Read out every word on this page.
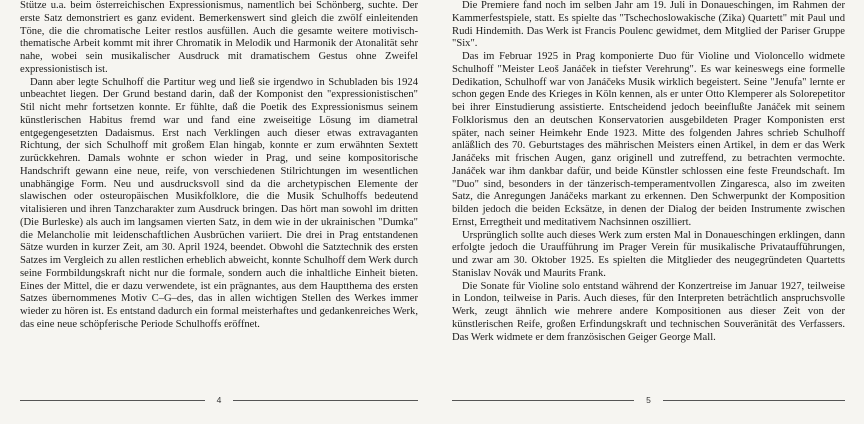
Stütze u.a. beim österreichischen Expressionismus, namentlich bei Schönberg, suchte. Der erste Satz demonstriert es ganz evident. Bemerkenswert sind gleich die zwölf einleitenden Töne, die die chromatische Leiter restlos ausfüllen. Auch die gesamte weitere motivisch-thematische Arbeit kommt mit ihrer Chromatik in Melodik und Harmonik der Atonalität sehr nahe, wobei sein musikalischer Ausdruck mit dramatischem Gestus ohne Zweifel expressionistisch ist.

Dann aber legte Schulhoff die Partitur weg und ließ sie irgendwo in Schubladen bis 1924 unbeachtet liegen. Der Grund bestand darin, daß der Komponist den "expressionistischen" Stil nicht mehr fortsetzen konnte. Er fühlte, daß die Poetik des Expressionismus seinem künstlerischen Habitus fremd war und fand eine zweiseitige Lösung im diametral entgegengesetzten Dadaismus. Erst nach Verklingen auch dieser etwas extravaganten Richtung, der sich Schulhoff mit großem Elan hingab, konnte er zum erwähnten Sextett zurückkehren. Damals wohnte er schon wieder in Prag, und seine kompositorische Handschrift gewann eine neue, reife, von verschiedenen Stilrichtungen im wesentlichen unabhängige Form. Neu und ausdrucksvoll sind da die archetypischen Elemente der slawischen oder osteuropäischen Musikfolklore, die die Musik Schulhoffs bedeutend vitalisieren und ihren Tanzcharakter zum Ausdruck bringen. Das hört man sowohl im dritten (Die Burleske) als auch im langsamen vierten Satz, in dem wie in der ukrainischen "Dumka" die Melancholie mit leidenschaftlichen Ausbrüchen variiert. Die drei in Prag entstandenen Sätze wurden in kurzer Zeit, am 30. April 1924, beendet. Obwohl die Satztechnik des ersten Satzes im Vergleich zu allen restlichen erheblich abweicht, konnte Schulhoff dem Werk durch seine Formbildungskraft nicht nur die formale, sondern auch die inhaltliche Einheit bieten. Eines der Mittel, die er dazu verwendete, ist ein prägnantes, aus dem Hauptthema des ersten Satzes übernommenes Motiv C–G–des, das in allen wichtigen Stellen des Werkes immer wieder zu hören ist. Es entstand dadurch ein formal meisterhaftes und gedankenreiches Werk, das eine neue schöpferische Periode Schulhoffs eröffnet.

4

Die Premiere fand noch im selben Jahr am 19. Juli in Donaueschingen, im Rahmen der Kammerfestspiele, statt. Es spielte das "Tschechoslowakische (Zika) Quartett" mit Paul und Rudi Hindemith. Das Werk ist Francis Poulenc gewidmet, dem Mitglied der Pariser Gruppe "Six".

Das im Februar 1925 in Prag komponierte Duo für Violine und Violoncello widmete Schulhoff "Meister Leoš Janáček in tiefster Verehrung". Es war keineswegs eine formelle Dedikation, Schulhoff war von Janáčeks Musik wirklich begeistert. Seine "Jenufa" lernte er schon gegen Ende des Krieges in Köln kennen, als er unter Otto Klemperer als Solorepetitor bei ihrer Einstudierung assistierte. Entscheidend jedoch beeinflußte Janáček mit seinem Folklorismus den an deutschen Konservatorien ausgebildeten Prager Komponisten erst später, nach seiner Heimkehr Ende 1923. Mitte des folgenden Jahres schrieb Schulhoff anläßlich des 70. Geburtstages des mährischen Meisters einen Artikel, in dem er das Werk Janáčeks mit frischen Augen, ganz originell und zutreffend, zu betrachten vermochte. Janáček war ihm dankbar dafür, und beide Künstler schlossen eine feste Freundschaft. Im "Duo" sind, besonders in der tänzerisch-temperamentvollen Zingaresca, also im zweiten Satz, die Anregungen Janáčeks markant zu erkennen. Den Schwerpunkt der Komposition bilden jedoch die beiden Ecksätze, in denen der Dialog der beiden Instrumente zwischen Ernst, Erregtheit und meditativem Nachsinnen oszilliert.

Ursprünglich sollte auch dieses Werk zum ersten Mal in Donaueschingen erklingen, dann erfolgte jedoch die Uraufführung im Prager Verein für musikalische Privataufführungen, und zwar am 30. Oktober 1925. Es spielten die Mitglieder des neugegründeten Quartetts Stanislav Novák und Maurits Frank.

Die Sonate für Violine solo entstand während der Konzertreise im Januar 1927, teilweise in London, teilweise in Paris. Auch dieses, für den Interpreten beträchtlich anspruchsvolle Werk, zeugt ähnlich wie mehrere andere Kompositionen aus dieser Zeit von der künstlerischen Reife, großen Erfindungskraft und technischen Souveränität des Verfassers. Das Werk widmete er dem französischen Geiger George Mall.

5
